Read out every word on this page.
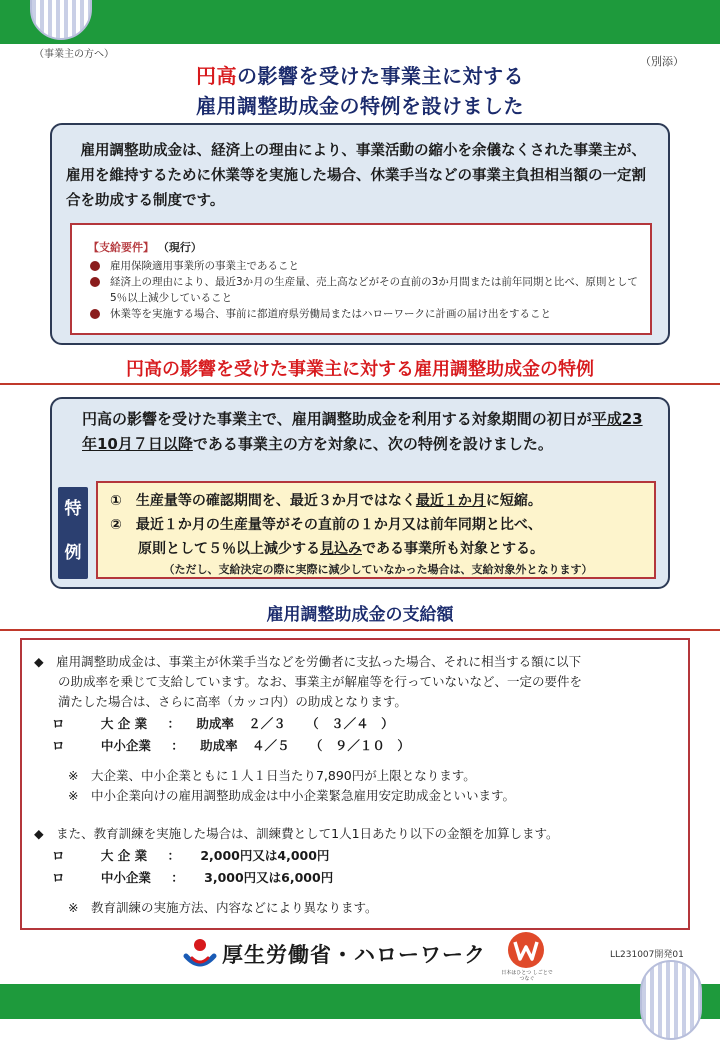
（事業主の方へ）
（別添）
円高の影響を受けた事業主に対する
雇用調整助成金の特例を設けました
雇用調整助成金は、経済上の理由により、事業活動の縮小を余儀なくされた事業主が、雇用を維持するために休業等を実施した場合、休業手当などの事業主負担相当額の一定割合を助成する制度です。
【支給要件】 （現行）
雇用保険適用事業所の事業主であること
経済上の理由により、最近3か月の生産量、売上高などがその直前の3か月間または前年同期と比べ、原則として5％以上減少していること
休業等を実施する場合、事前に都道府県労働局またはハローワークに計画の届け出をすること
円高の影響を受けた事業主に対する雇用調整助成金の特例
円高の影響を受けた事業主で、雇用調整助成金を利用する対象期間の初日が平成23年10月７日以降である事業主の方を対象に、次の特例を設けました。
特
例
①　 生産量等の確認期間を、最近３か月ではなく最近１か月に短縮。
②　 最近１か月の生産量等がその直前の１か月又は前年同期と比べ、
原則として５％以上減少する見込みである事業所も対象とする。
（ただし、支給決定の際に実際に減少していなかった場合は、支給対象外となります）
雇用調整助成金の支給額
◆　雇用調整助成金は、事業主が休業手当などを労働者に支払った場合、それに相当する額に以下
の助成率を乗じて支給しています。なお、事業主が解雇等を行っていないなど、一定の要件を
満たした場合は、さらに高率（カッコ内）の助成となります。
ロ	大 企 業 ： 助成率 ２／３ （　３／４　）
ロ	中小企業 ： 助成率 ４／５ （　９／１０　）
※　大企業、中小企業ともに１人１日当たり7,890円が上限となります。
※　中小企業向けの雇用調整助成金は中小企業緊急雇用安定助成金といいます。
◆　また、教育訓練を実施した場合は、訓練費として1人1日あたり以下の金額を加算します。
ロ	大 企 業 ： 2,000円又は4,000円
ロ	中小企業 ： 3,000円又は6,000円
※　教育訓練の実施方法、内容などにより異なります。
厚生労働省・ハローワーク
日本はひとつ しごとでつなぐ
LL231007開発01
